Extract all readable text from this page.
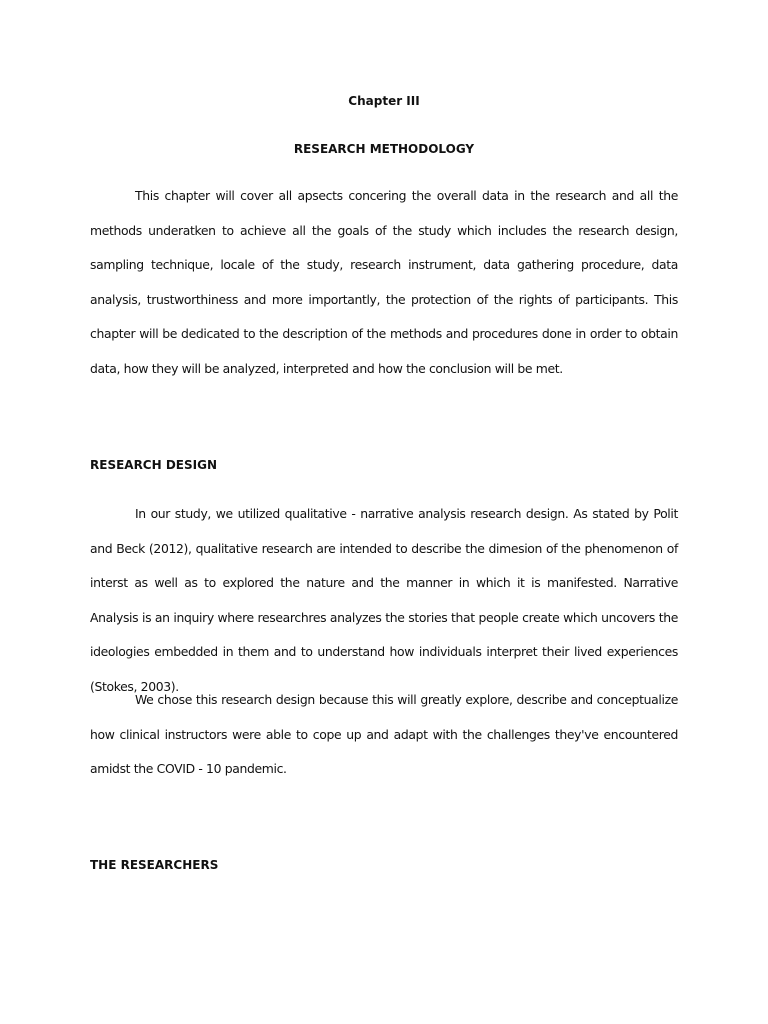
Chapter III
RESEARCH METHODOLOGY

This chapter will cover all apsects concering the overall data in the research and all the methods underatken to achieve all the goals of the study which includes the research design, sampling technique, locale of the study, research instrument, data gathering procedure, data analysis, trustworthiness and more importantly, the protection of the rights of participants. This chapter will be dedicated to the description of the methods and procedures done in order to obtain data, how they will be analyzed, interpreted and how the conclusion will be met.

RESEARCH DESIGN

In our study, we utilized qualitative - narrative analysis research design. As stated by Polit and Beck (2012), qualitative research are intended to describe the dimesion of the phenomenon of interst as well as to explored the nature and the manner in which it is manifested. Narrative Analysis is an inquiry where researchres analyzes the stories that people create which uncovers the ideologies embedded in them and to understand how individuals interpret their lived experiences (Stokes, 2003).

We chose this research design because this will greatly explore, describe and conceptualize how clinical instructors were able to cope up and adapt with the challenges they've encountered amidst the COVID - 10 pandemic.

THE RESEARCHERS
